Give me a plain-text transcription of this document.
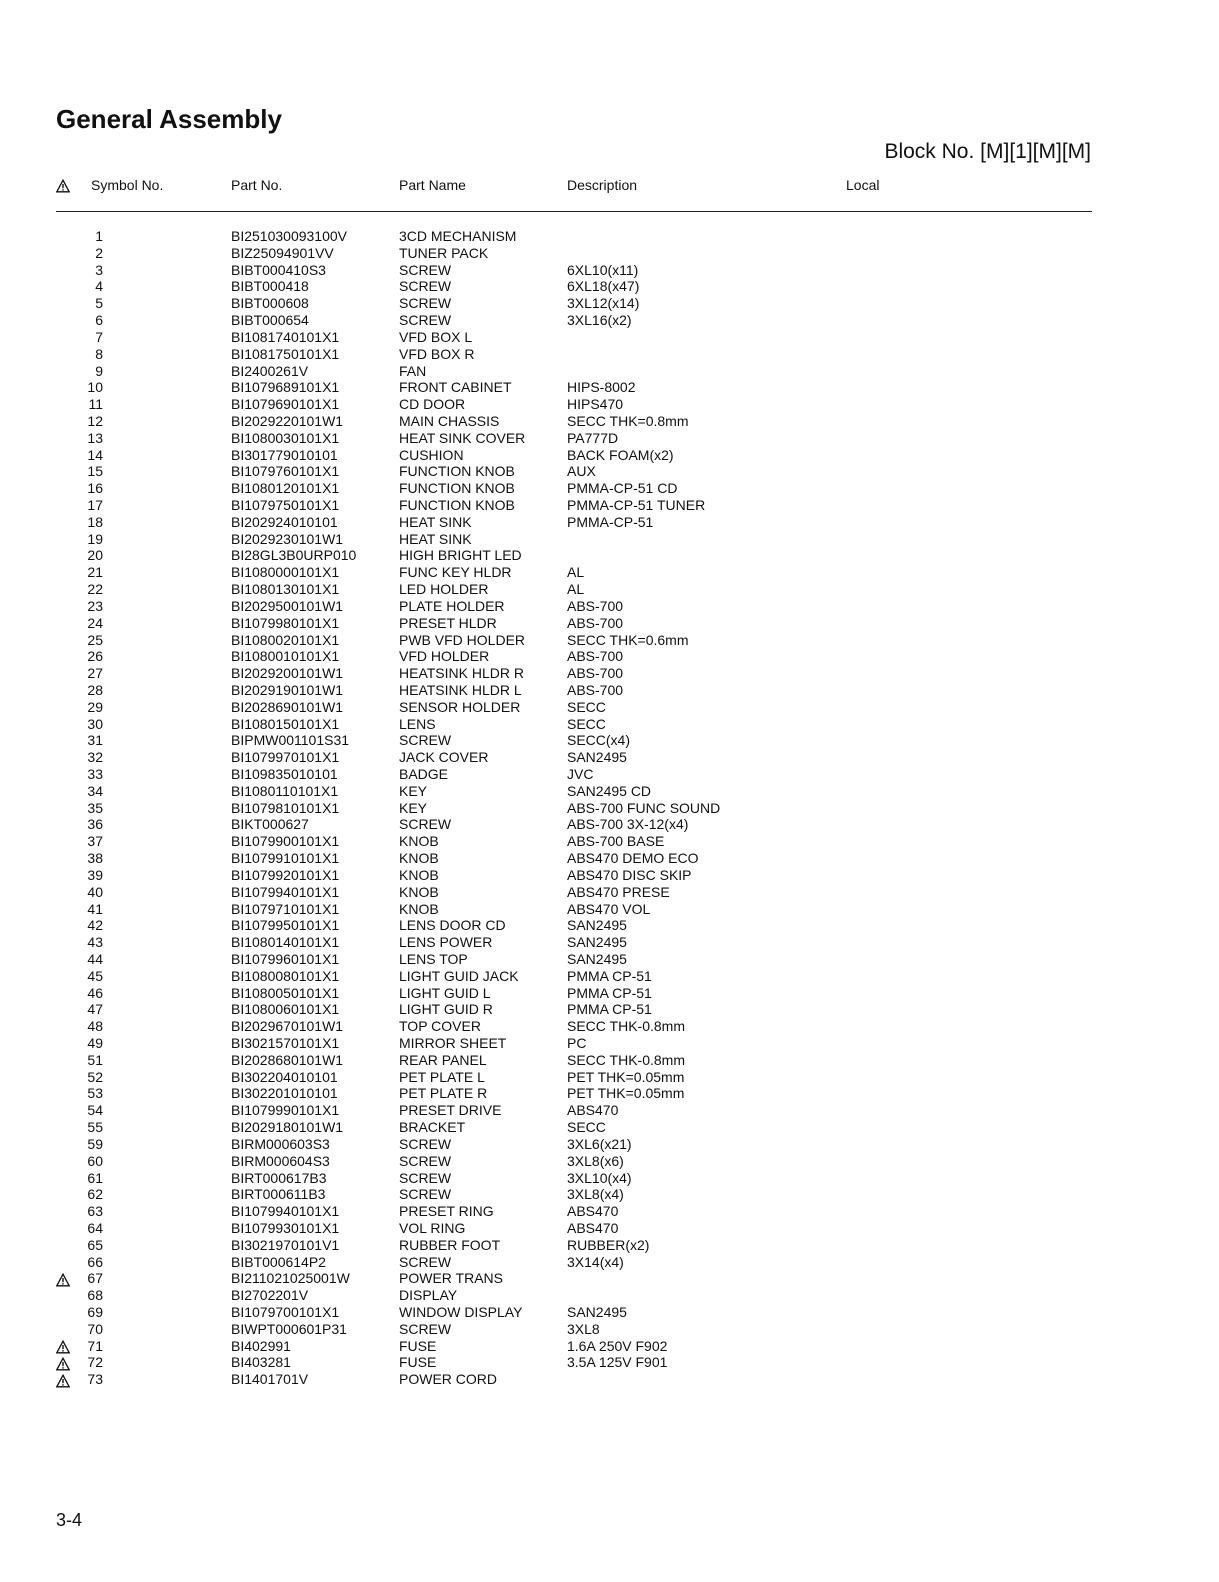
General Assembly
Block No. [M][1][M][M]
Symbol No.	Part No.	Part Name	Description	Local
1	BI251030093100V	3CD MECHANISM
2	BIZ25094901VV	TUNER PACK
3	BIBT000410S3	SCREW	6XL10(x11)
4	BIBT000418	SCREW	6XL18(x47)
5	BIBT000608	SCREW	3XL12(x14)
6	BIBT000654	SCREW	3XL16(x2)
7	BI1081740101X1	VFD BOX L
8	BI1081750101X1	VFD BOX R
9	BI2400261V	FAN
10	BI1079689101X1	FRONT CABINET	HIPS-8002
11	BI1079690101X1	CD DOOR	HIPS470
12	BI2029220101W1	MAIN CHASSIS	SECC THK=0.8mm
13	BI1080030101X1	HEAT SINK COVER	PA777D
14	BI301779010101	CUSHION	BACK FOAM(x2)
15	BI1079760101X1	FUNCTION KNOB	AUX
16	BI1080120101X1	FUNCTION KNOB	PMMA-CP-51 CD
17	BI1079750101X1	FUNCTION KNOB	PMMA-CP-51 TUNER
18	BI202924010101	HEAT SINK	PMMA-CP-51
19	BI2029230101W1	HEAT SINK
20	BI28GL3B0URP010	HIGH BRIGHT LED
21	BI1080000101X1	FUNC KEY HLDR	AL
22	BI1080130101X1	LED HOLDER	AL
23	BI2029500101W1	PLATE HOLDER	ABS-700
24	BI1079980101X1	PRESET HLDR	ABS-700
25	BI1080020101X1	PWB VFD HOLDER	SECC THK=0.6mm
26	BI1080010101X1	VFD HOLDER	ABS-700
27	BI2029200101W1	HEATSINK HLDR R	ABS-700
28	BI2029190101W1	HEATSINK HLDR L	ABS-700
29	BI2028690101W1	SENSOR HOLDER	SECC
30	BI1080150101X1	LENS	SECC
31	BIPMW001101S31	SCREW	SECC(x4)
32	BI1079970101X1	JACK COVER	SAN2495
33	BI109835010101	BADGE	JVC
34	BI1080110101X1	KEY	SAN2495 CD
35	BI1079810101X1	KEY	ABS-700 FUNC SOUND
36	BIKT000627	SCREW	ABS-700 3X-12(x4)
37	BI1079900101X1	KNOB	ABS-700 BASE
38	BI1079910101X1	KNOB	ABS470 DEMO ECO
39	BI1079920101X1	KNOB	ABS470 DISC SKIP
40	BI1079940101X1	KNOB	ABS470 PRESE
41	BI1079710101X1	KNOB	ABS470 VOL
42	BI1079950101X1	LENS DOOR CD	SAN2495
43	BI1080140101X1	LENS POWER	SAN2495
44	BI1079960101X1	LENS TOP	SAN2495
45	BI1080080101X1	LIGHT GUID JACK	PMMA CP-51
46	BI1080050101X1	LIGHT GUID L	PMMA CP-51
47	BI1080060101X1	LIGHT GUID R	PMMA CP-51
48	BI2029670101W1	TOP COVER	SECC THK-0.8mm
49	BI3021570101X1	MIRROR SHEET	PC
51	BI2028680101W1	REAR PANEL	SECC THK-0.8mm
52	BI302204010101	PET PLATE L	PET THK=0.05mm
53	BI302201010101	PET PLATE R	PET THK=0.05mm
54	BI1079990101X1	PRESET DRIVE	ABS470
55	BI2029180101W1	BRACKET	SECC
59	BIRM000603S3	SCREW	3XL6(x21)
60	BIRM000604S3	SCREW	3XL8(x6)
61	BIRT000617B3	SCREW	3XL10(x4)
62	BIRT000611B3	SCREW	3XL8(x4)
63	BI1079940101X1	PRESET RING	ABS470
64	BI1079930101X1	VOL RING	ABS470
65	BI3021970101V1	RUBBER FOOT	RUBBER(x2)
66	BIBT000614P2	SCREW	3X14(x4)
67	BI211021025001W	POWER TRANS
68	BI2702201V	DISPLAY
69	BI1079700101X1	WINDOW DISPLAY	SAN2495
70	BIWPT000601P31	SCREW	3XL8
71	BI402991	FUSE	1.6A 250V F902
72	BI403281	FUSE	3.5A 125V F901
73	BI1401701V	POWER CORD
3-4
